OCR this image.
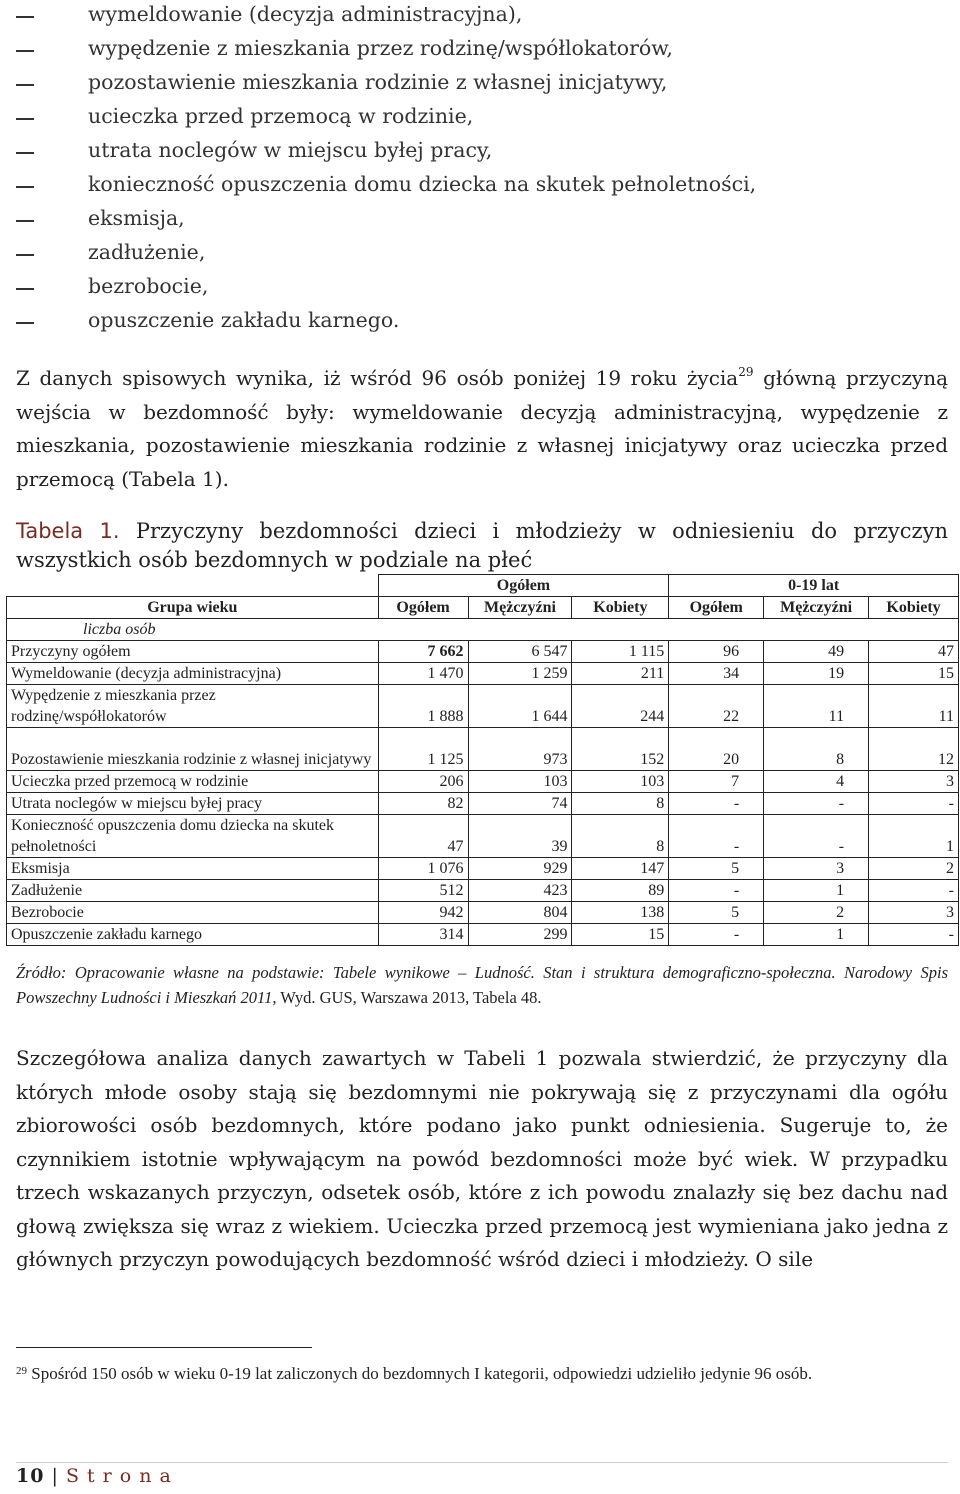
wymeldowanie (decyzja administracyjna),
wypędzenie z mieszkania przez rodzinę/współlokatorów,
pozostawienie mieszkania rodzinie z własnej inicjatywy,
ucieczka przed przemocą w rodzinie,
utrata noclegów w miejscu byłej pracy,
konieczność opuszczenia domu dziecka na skutek pełnoletności,
eksmisja,
zadłużenie,
bezrobocie,
opuszczenie zakładu karnego.

Z danych spisowych wynika, iż wśród 96 osób poniżej 19 roku życia$^{29}$ główną przyczyną wejścia w bezdomność były: wymeldowanie decyzją administracyjną, wypędzenie z mieszkania, pozostawienie mieszkania rodzinie z własnej inicjatywy oraz ucieczka przed przemocą (Tabela 1).

Tabela 1. Przyczyny bezdomności dzieci i młodzieży w odniesieniu do przyczyn wszystkich osób bezdomnych w podziale na płeć
	Ogółem			0-19 lat		
Grupa wieku	Ogółem	Mężczyźni	Kobiety	Ogółem	Mężczyźni	Kobiety
liczba osób						
Przyczyny ogółem	7 662	6 547	1 115	96	49	47
Wymeldowanie (decyzja administracyjna)	1 470	1 259	211	34	19	15
Wypędzenie z mieszkania przez rodzinę/współlokatorów	1 888	1 644	244	22	11	11
Pozostawienie mieszkania rodzinie z własnej inicjatywy	1 125	973	152	20	8	12
Ucieczka przed przemocą w rodzinie	206	103	103	7	4	3
Utrata noclegów w miejscu byłej pracy	82	74	8	-	-	-
Konieczność opuszczenia domu dziecka na skutek pełnoletności	47	39	8	-	-	1
Eksmisja	1 076	929	147	5	3	2
Zadłużenie	512	423	89	-	1	-
Bezrobocie	942	804	138	5	2	3
Opuszczenie zakładu karnego	314	299	15	-	1	-
Źródło: Opracowanie własne na podstawie: Tabele wynikowe – Ludność. Stan i struktura demograficzno-społeczna. Narodowy Spis Powszechny Ludności i Mieszkań 2011, Wyd. GUS, Warszawa 2013, Tabela 48.

Szczegółowa analiza danych zawartych w Tabeli 1 pozwala stwierdzić, że przyczyny dla których młode osoby stają się bezdomnymi nie pokrywają się z przyczynami dla ogółu zbiorowości osób bezdomnych, które podano jako punkt odniesienia. Sugeruje to, że czynnikiem istotnie wpływającym na powód bezdomności może być wiek. W przypadku trzech wskazanych przyczyn, odsetek osób, które z ich powodu znalazły się bez dachu nad głową zwiększa się wraz z wiekiem. Ucieczka przed przemocą jest wymieniana jako jedna z głównych przyczyn powodujących bezdomność wśród dzieci i młodzieży. O sile

$^{29}$ Spośród 150 osób w wieku 0-19 lat zaliczonych do bezdomnych I kategorii, odpowiedzi udzieliło jedynie 96 osób.
10 | S t r o n a
